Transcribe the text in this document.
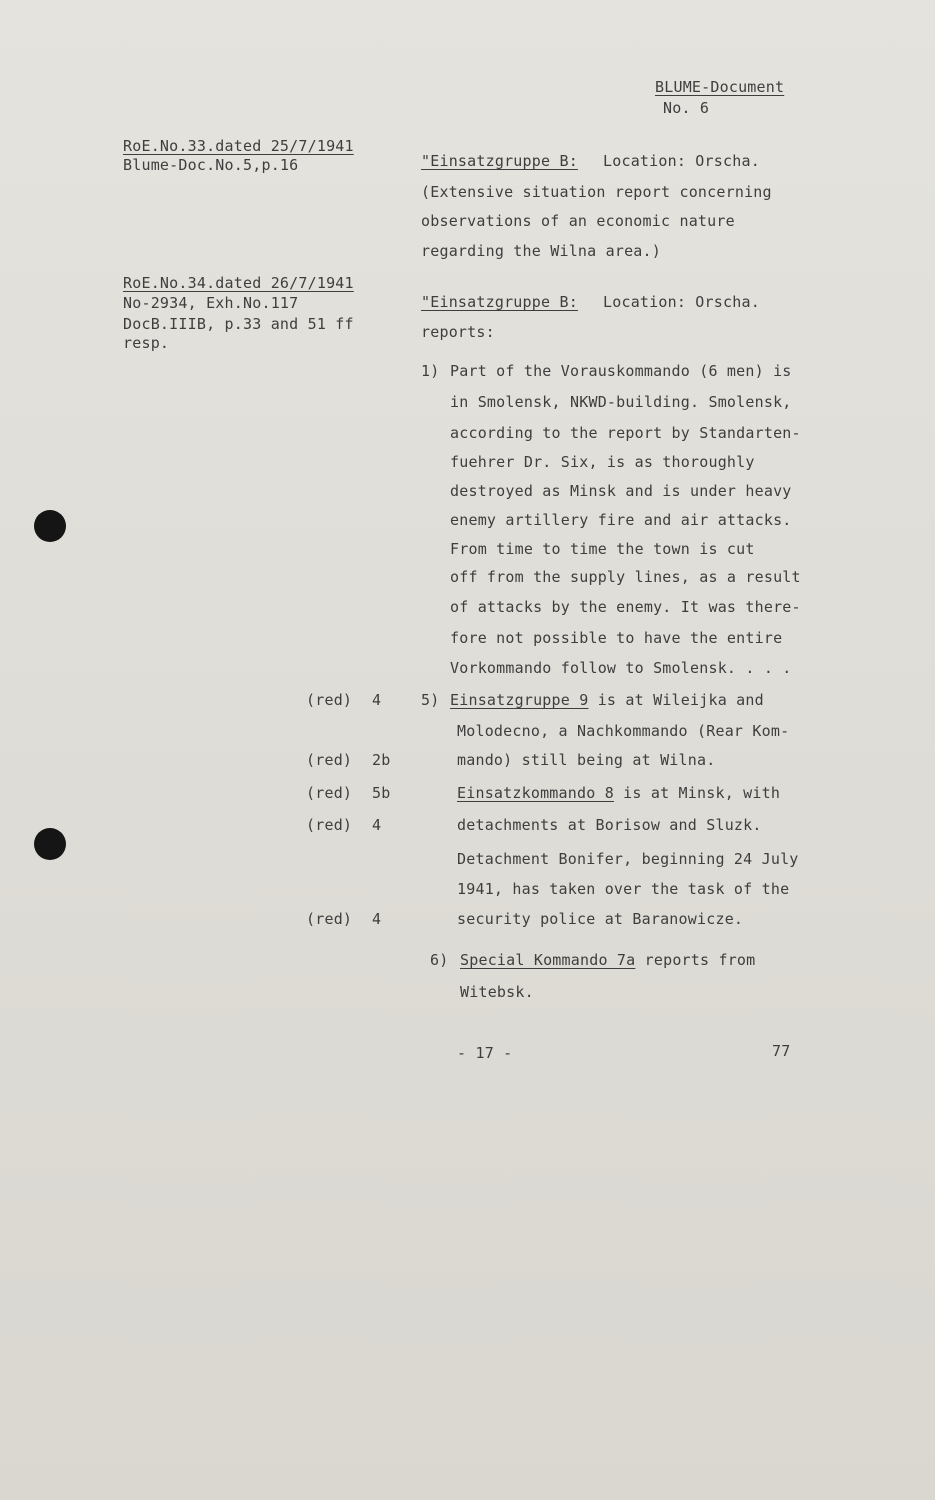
BLUME-Document
No. 6
RoE.No.33.dated 25/7/1941
Blume-Doc.No.5,p.16	"Einsatzgruppe B: Location: Orscha.
(Extensive situation report concerning
observations of an economic nature
regarding the Wilna area.)
RoE.No.34.dated 26/7/1941
No-2934, Exh.No.117
DocB.IIIB, p.33 and 51 ff
resp.
"Einsatzgruppe B: Location: Orscha.
reports:
1) Part of the Vorauskommando (6 men) is
in Smolensk, NKWD-building. Smolensk,
according to the report by Standarten-
fuehrer Dr. Six, is as thoroughly
destroyed as Minsk and is under heavy
enemy artillery fire and air attacks.
From time to time the town is cut
off from the supply lines, as a result
of attacks by the enemy. It was there-
fore not possible to have the entire
Vorkommando follow to Smolensk. . . .
(red) 4
(red) 2b
(red) 5b
(red) 4
(red) 4
5) Einsatzgruppe 9 is at Wileijka and
Molodecno, a Nachkommando (Rear Kom-
mando) still being at Wilna.
Einsatzkommando 8 is at Minsk, with
detachments at Borisow and Sluzk.
Detachment Bonifer, beginning 24 July
1941, has taken over the task of the
security police at Baranowicze.
6) Special Kommando 7a reports from
Witebsk.
- 17 -	77
